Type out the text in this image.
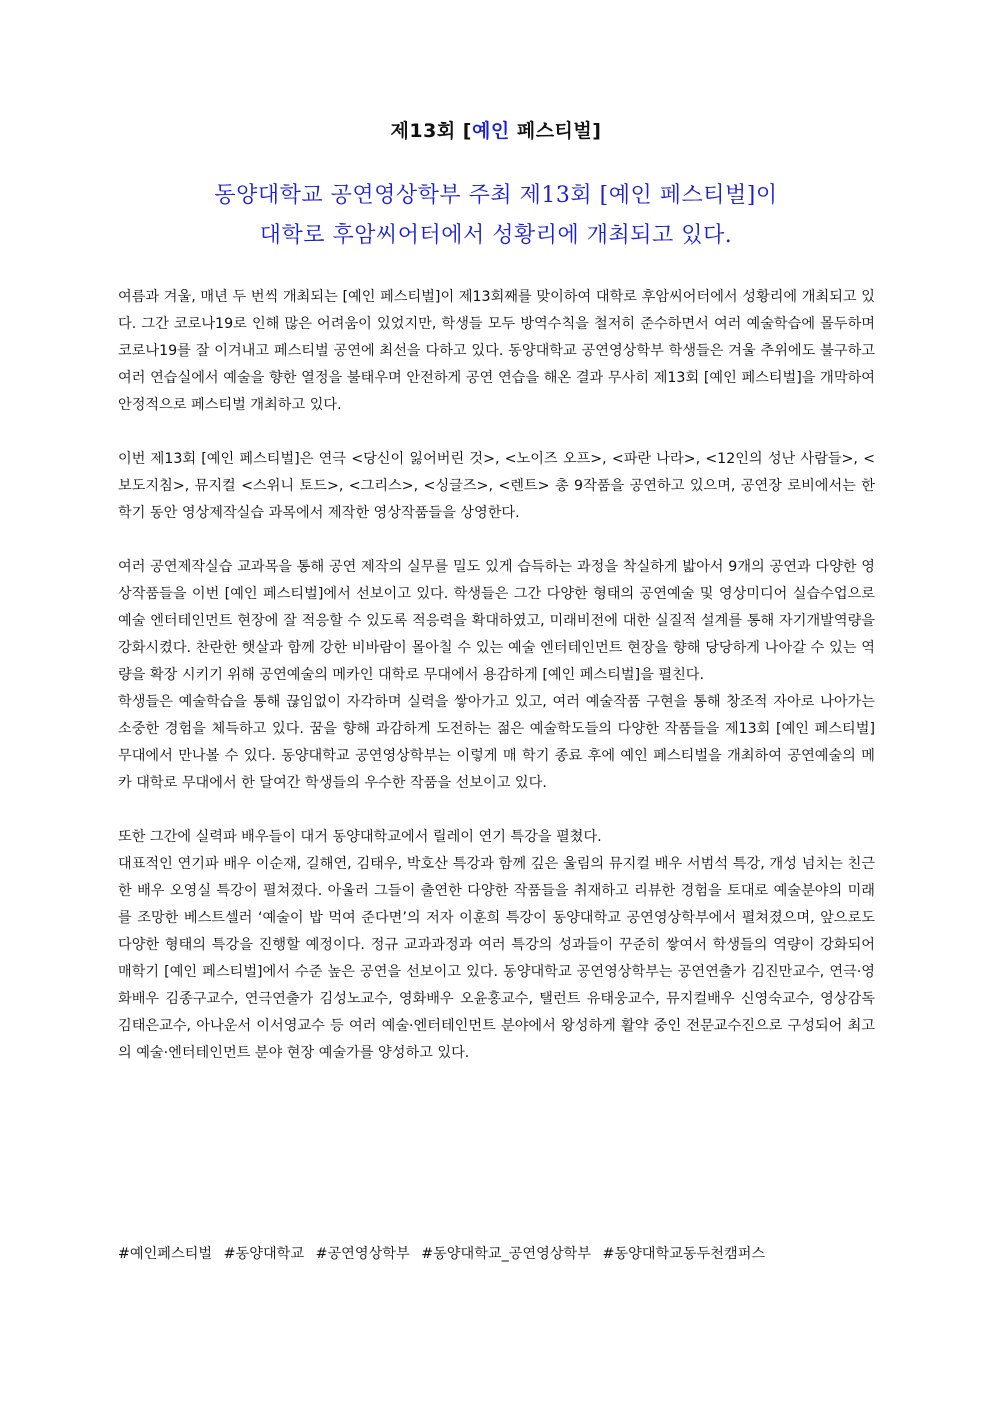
제13회 [예인 페스티벌]
동양대학교 공연영상학부 주최 제13회 [예인 페스티벌]이
대학로 후암씨어터에서 성황리에 개최되고 있다.

여름과 겨울, 매년 두 번씩 개최되는 [예인 페스티벌]이 제13회째를 맞이하여 대학로 후암씨어터에서 성황리에 개최되고 있다. 그간 코로나19로 인해 많은 어려움이 있었지만, 학생들 모두 방역수칙을 철저히 준수하면서 여러 예술학습에 몰두하며 코로나19를 잘 이겨내고 페스티벌 공연에 최선을 다하고 있다. 동양대학교 공연영상학부 학생들은 겨울 추위에도 불구하고 여러 연습실에서 예술을 향한 열정을 불태우며 안전하게 공연 연습을 해온 결과 무사히 제13회 [예인 페스티벌]을 개막하여 안정적으로 페스티벌 개최하고 있다.

이번 제13회 [예인 페스티벌]은 연극 <당신이 잃어버린 것>, <노이즈 오프>, <파란 나라>, <12인의 성난 사람들>, <보도지침>, 뮤지컬 <스위니 토드>, <그리스>, <싱글즈>, <렌트> 총 9작품을 공연하고 있으며, 공연장 로비에서는 한 학기 동안 영상제작실습 과목에서 제작한 영상작품들을 상영한다.

여러 공연제작실습 교과목을 통해 공연 제작의 실무를 밀도 있게 습득하는 과정을 착실하게 밟아서 9개의 공연과 다양한 영상작품들을 이번 [예인 페스티벌]에서 선보이고 있다. 학생들은 그간 다양한 형태의 공연예술 및 영상미디어 실습수업으로 예술 엔터테인먼트 현장에 잘 적응할 수 있도록 적응력을 확대하였고, 미래비전에 대한 실질적 설계를 통해 자기개발역량을 강화시켰다. 찬란한 햇살과 함께 강한 비바람이 몰아칠 수 있는 예술 엔터테인먼트 현장을 향해 당당하게 나아갈 수 있는 역량을 확장 시키기 위해 공연예술의 메카인 대학로 무대에서 용감하게 [예인 페스티벌]을 펼친다.

학생들은 예술학습을 통해 끊임없이 자각하며 실력을 쌓아가고 있고, 여러 예술작품 구현을 통해 창조적 자아로 나아가는 소중한 경험을 체득하고 있다. 꿈을 향해 과감하게 도전하는 젊은 예술학도들의 다양한 작품들을 제13회 [예인 페스티벌] 무대에서 만나볼 수 있다. 동양대학교 공연영상학부는 이렇게 매 학기 종료 후에 예인 페스티벌을 개최하여 공연예술의 메카 대학로 무대에서 한 달여간 학생들의 우수한 작품을 선보이고 있다.

또한 그간에 실력파 배우들이 대거 동양대학교에서 릴레이 연기 특강을 펼쳤다.

대표적인 연기파 배우 이순재, 길해연, 김태우, 박호산 특강과 함께 깊은 울림의 뮤지컬 배우 서범석 특강, 개성 넘치는 친근한 배우 오영실 특강이 펼쳐졌다. 아울러 그들이 출연한 다양한 작품들을 취재하고 리뷰한 경험을 토대로 예술분야의 미래를 조망한 베스트셀러 ‘예술이 밥 먹여 준다면’의 저자 이훈희 특강이 동양대학교 공연영상학부에서 펼쳐졌으며, 앞으로도 다양한 형태의 특강을 진행할 예정이다. 정규 교과과정과 여러 특강의 성과들이 꾸준히 쌓여서 학생들의 역량이 강화되어 매학기 [예인 페스티벌]에서 수준 높은 공연을 선보이고 있다. 동양대학교 공연영상학부는 공연연출가 김진만교수, 연극·영화배우 김종구교수, 연극연출가 김성노교수, 영화배우 오윤홍교수, 탤런트 유태웅교수, 뮤지컬배우 신영숙교수, 영상감독 김태은교수, 아나운서 이서영교수 등 여러 예술·엔터테인먼트 분야에서 왕성하게 활약 중인 전문교수진으로 구성되어 최고의 예술·엔터테인먼트 분야 현장 예술가를 양성하고 있다.

#예인페스티벌 #동양대학교 #공연영상학부 #동양대학교_공연영상학부 #동양대학교동두천캠퍼스
